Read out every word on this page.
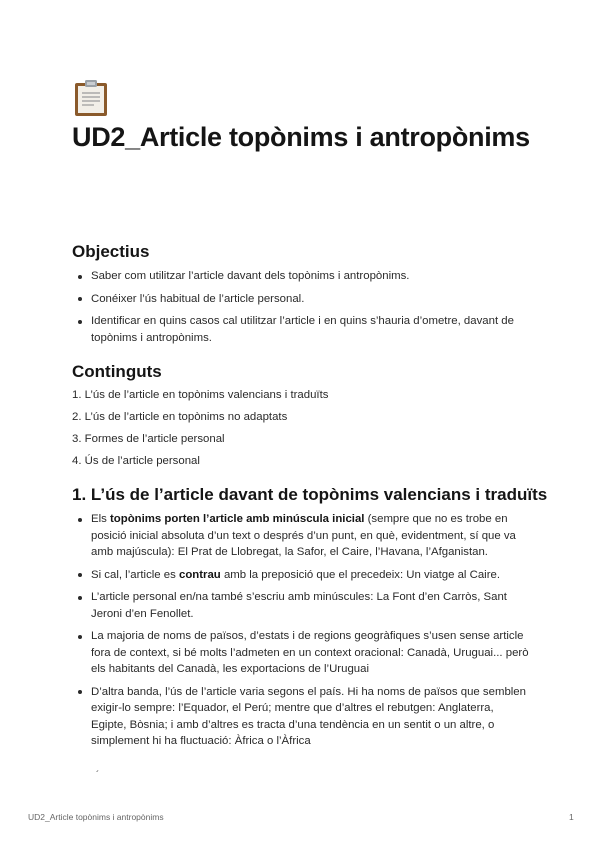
UD2_Article topònims i antropònims
Objectius
Saber com utilitzar l’article davant dels topònims i antropònims.
Conéixer l’ús habitual de l’article personal.
Identificar en quins casos cal utilitzar l’article i en quins s’hauria d’ometre, davant de topònims i antropònims.
Continguts
1. L’ús de l’article en topònims valencians i traduïts
2. L’ús de l’article en topònims no adaptats
3. Formes de l’article personal
4. Ús de l’article personal
1. L’ús de l’article davant de topònims valencians i traduïts
Els topònims porten l’article amb minúscula inicial (sempre que no es trobe en posició inicial absoluta d’un text o després d’un punt, en què, evidentment, sí que va amb majúscula): El Prat de Llobregat, la Safor, el Caire, l’Havana, l’Afganistan.
Si cal, l’article es contrau amb la preposició que el precedeix: Un viatge al Caire.
L’article personal en/na també s’escriu amb minúscules: La Font d’en Carròs, Sant Jeroni d’en Fenollet.
La majoria de noms de països, d’estats i de regions geogràfiques s’usen sense article fora de context, si bé molts l’admeten en un context oracional: Canadà, Uruguai... però els habitants del Canadà, les exportacions de l’Uruguai
D’altra banda, l’ús de l’article varia segons el país. Hi ha noms de països que semblen exigir-lo sempre: l’Equador, el Perú; mentre que d’altres el rebutgen: Anglaterra, Egipte, Bòsnia; i amb d’altres es tracta d’una tendència en un sentit o un altre, o simplement hi ha fluctuació: Àfrica o l’Àfrica
´
UD2_Article topònims i antropònims	1
